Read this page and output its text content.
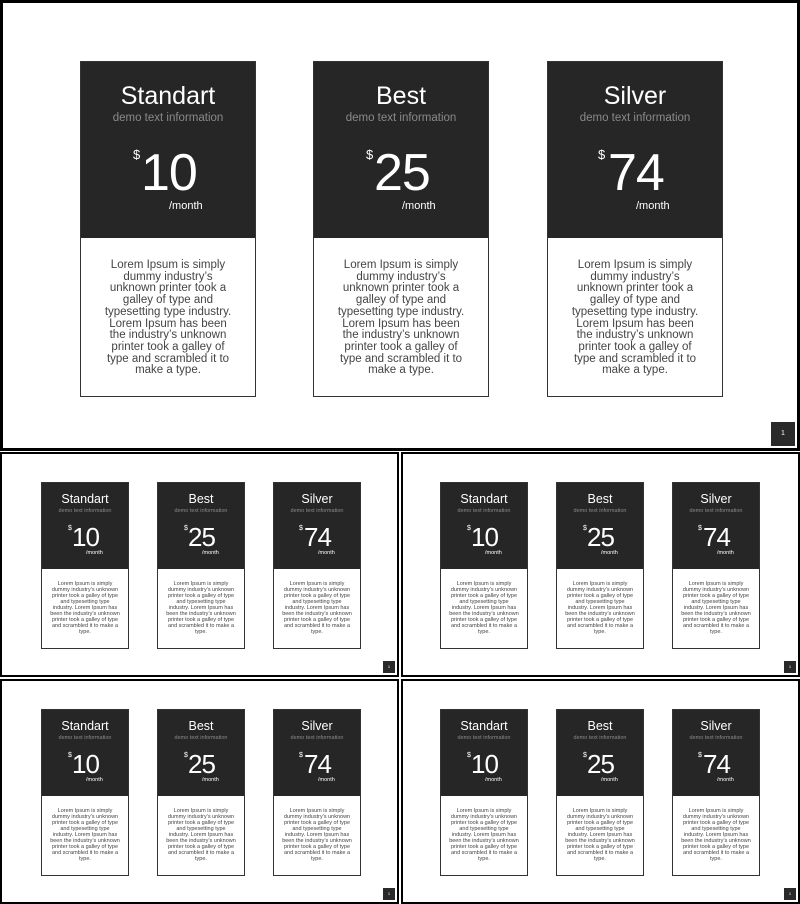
Standart
demo text information
$ 10
/month
Lorem Ipsum is simply dummy industry’s unknown printer took a galley of type and typesetting type industry. Lorem Ipsum has been the industry’s unknown printer took a galley of type and scrambled it to make a type.
Best
demo text information
$ 25
/month
Lorem Ipsum is simply dummy industry’s unknown printer took a galley of type and typesetting type industry. Lorem Ipsum has been the industry’s unknown printer took a galley of type and scrambled it to make a type.
Silver
demo text information
$ 74
/month
Lorem Ipsum is simply dummy industry’s unknown printer took a galley of type and typesetting type industry. Lorem Ipsum has been the industry’s unknown printer took a galley of type and scrambled it to make a type.
1
Standart
demo text information
$ 10
/month
Lorem Ipsum is simply dummy industry’s unknown printer took a galley of type and typesetting type industry. Lorem Ipsum has been the industry’s unknown printer took a galley of type and scrambled it to make a type.
Best
demo text information
$ 25
/month
Lorem Ipsum is simply dummy industry’s unknown printer took a galley of type and typesetting type industry. Lorem Ipsum has been the industry’s unknown printer took a galley of type and scrambled it to make a type.
Silver
demo text information
$ 74
/month
Lorem Ipsum is simply dummy industry’s unknown printer took a galley of type and typesetting type industry. Lorem Ipsum has been the industry’s unknown printer took a galley of type and scrambled it to make a type.
1
Standart
demo text information
$ 10
/month
Lorem Ipsum is simply dummy industry’s unknown printer took a galley of type and typesetting type industry. Lorem Ipsum has been the industry’s unknown printer took a galley of type and scrambled it to make a type.
Best
demo text information
$ 25
/month
Lorem Ipsum is simply dummy industry’s unknown printer took a galley of type and typesetting type industry. Lorem Ipsum has been the industry’s unknown printer took a galley of type and scrambled it to make a type.
Silver
demo text information
$ 74
/month
Lorem Ipsum is simply dummy industry’s unknown printer took a galley of type and typesetting type industry. Lorem Ipsum has been the industry’s unknown printer took a galley of type and scrambled it to make a type.
1
Standart
demo text information
$ 10
/month
Lorem Ipsum is simply dummy industry’s unknown printer took a galley of type and typesetting type industry. Lorem Ipsum has been the industry’s unknown printer took a galley of type and scrambled it to make a type.
Best
demo text information
$ 25
/month
Lorem Ipsum is simply dummy industry’s unknown printer took a galley of type and typesetting type industry. Lorem Ipsum has been the industry’s unknown printer took a galley of type and scrambled it to make a type.
Silver
demo text information
$ 74
/month
Lorem Ipsum is simply dummy industry’s unknown printer took a galley of type and typesetting type industry. Lorem Ipsum has been the industry’s unknown printer took a galley of type and scrambled it to make a type.
1
Standart
demo text information
$ 10
/month
Lorem Ipsum is simply dummy industry’s unknown printer took a galley of type and typesetting type industry. Lorem Ipsum has been the industry’s unknown printer took a galley of type and scrambled it to make a type.
Best
demo text information
$ 25
/month
Lorem Ipsum is simply dummy industry’s unknown printer took a galley of type and typesetting type industry. Lorem Ipsum has been the industry’s unknown printer took a galley of type and scrambled it to make a type.
Silver
demo text information
$ 74
/month
Lorem Ipsum is simply dummy industry’s unknown printer took a galley of type and typesetting type industry. Lorem Ipsum has been the industry’s unknown printer took a galley of type and scrambled it to make a type.
1
